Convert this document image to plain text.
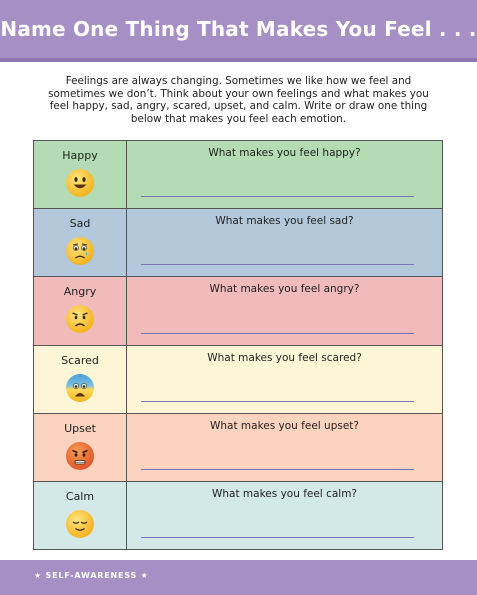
Name One Thing That Makes You Feel . . .
Feelings are always changing. Sometimes we like how we feel and sometimes we don’t. Think about your own feelings and what makes you feel happy, sad, angry, scared, upset, and calm. Write or draw one thing below that makes you feel each emotion.
Happy	What makes you feel happy?
Sad	What makes you feel sad?
Angry	What makes you feel angry?
Scared	What makes you feel scared?
Upset	What makes you feel upset?
Calm	What makes you feel calm?
★ SELF-AWARENESS ★
